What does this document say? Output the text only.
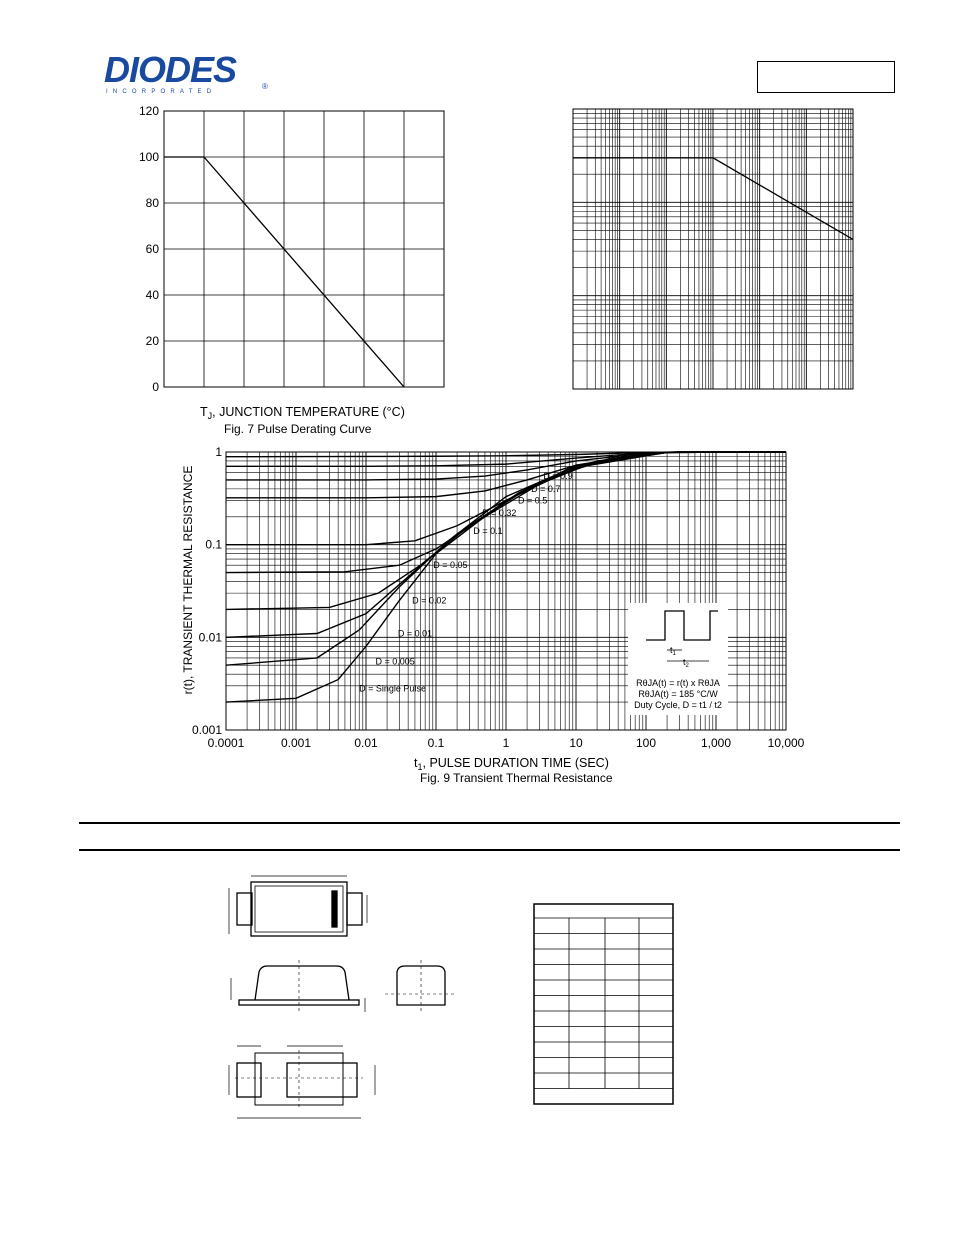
DIODES
INCORPORATED
®
0
20
40
60
80
100
120
$T_J$, JUNCTION TEMPERATURE (°C)
Fig. 7 Pulse Derating Curve
0.0001	0.001	0.01	0.1	1	10	100	1,000	10,000
0.001
0.01
0.1
1
D = 0.9
D = 0.7
D = 0.5
D = 0.32
D = 0.1
D = 0.05
D = 0.02
D = 0.01
D = 0.005
D = Single Pulse
$t_1$
$t_2$
RθJA(t) = r(t) x RθJA
RθJA(t) = 185 °C/W
Duty Cycle, D = t1 / t2
r(t), TRANSIENT THERMAL RESISTANCE
$t_1$, PULSE DURATION TIME (SEC)
Fig. 9 Transient Thermal Resistance
